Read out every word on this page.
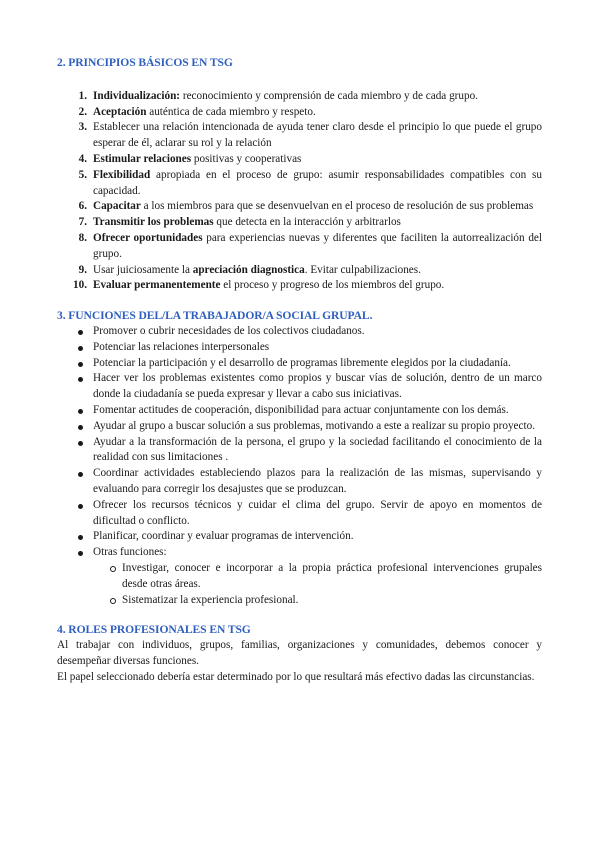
2. PRINCIPIOS BÁSICOS EN TSG
1. Individualización: reconocimiento y comprensión de cada miembro y de cada grupo.
2. Aceptación auténtica de cada miembro y respeto.
3. Establecer una relación intencionada de ayuda tener claro desde el principio lo que puede el grupo esperar de él, aclarar su rol y la relación
4. Estimular relaciones positivas y cooperativas
5. Flexibilidad apropiada en el proceso de grupo: asumir responsabilidades compatibles con su capacidad.
6. Capacitar a los miembros para que se desenvuelvan en el proceso de resolución de sus problemas
7. Transmitir los problemas que detecta en la interacción y arbitrarlos
8. Ofrecer oportunidades para experiencias nuevas y diferentes que faciliten la autorrealización del grupo.
9. Usar juiciosamente la apreciación diagnostica. Evitar culpabilizaciones.
10. Evaluar permanentemente el proceso y progreso de los miembros del grupo.
3. FUNCIONES DEL/LA TRABAJADOR/A SOCIAL GRUPAL.
Promover o cubrir necesidades de los colectivos ciudadanos.
Potenciar las relaciones interpersonales
Potenciar la participación y el desarrollo de programas libremente elegidos por la ciudadanía.
Hacer ver los problemas existentes como propios y buscar vías de solución, dentro de un marco donde la ciudadanía se pueda expresar y llevar a cabo sus iniciativas.
Fomentar actitudes de cooperación, disponibilidad para actuar conjuntamente con los demás.
Ayudar al grupo a buscar solución a sus problemas, motivando a este a realizar su propio proyecto.
Ayudar a la transformación de la persona, el grupo y la sociedad facilitando el conocimiento de la realidad con sus limitaciones .
Coordinar actividades estableciendo plazos para la realización de las mismas, supervisando y evaluando para corregir los desajustes que se produzcan.
Ofrecer los recursos técnicos y cuidar el clima del grupo. Servir de apoyo en momentos de dificultad o conflicto.
Planificar, coordinar y evaluar programas de intervención.
Otras funciones:
Investigar, conocer e incorporar a la propia práctica profesional intervenciones grupales desde otras áreas.
Sistematizar la experiencia profesional.
4. ROLES PROFESIONALES EN TSG

Al trabajar con individuos, grupos, familias, organizaciones y comunidades, debemos conocer y desempeñar diversas funciones.

El papel seleccionado debería estar determinado por lo que resultará más efectivo dadas las circunstancias.
